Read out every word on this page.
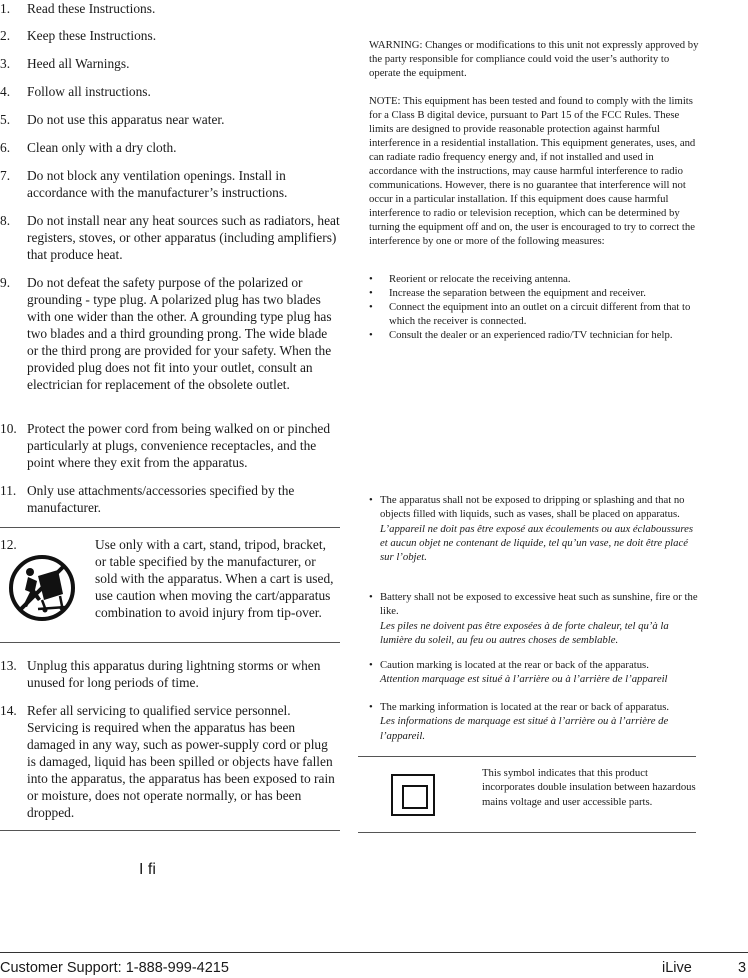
1. Read these Instructions.
2. Keep these Instructions.
3. Heed all Warnings.
4. Follow all instructions.
5. Do not use this apparatus near water.
6. Clean only with a dry cloth.
7. Do not block any ventilation openings. Install in accordance with the manufacturer’s instructions.
8. Do not install near any heat sources such as radiators, heat registers, stoves, or other apparatus (including amplifiers) that produce heat.
9. Do not defeat the safety purpose of the polarized or grounding - type plug. A polarized plug has two blades with one wider than the other. A grounding type plug has two blades and a third grounding prong. The wide blade or the third prong are provided for your safety. When the provided plug does not fit into your outlet, consult an electrician for replacement of the obsolete outlet.
10. Protect the power cord from being walked on or pinched particularly at plugs, convenience receptacles, and the point where they exit from the apparatus.
11. Only use attachments/accessories specified by the manufacturer.
12.	Use only with a cart, stand, tripod, bracket, or table specified by the manufacturer, or sold with the apparatus. When a cart is used, use caution when moving the cart/apparatus combination to avoid injury from tip-over.
13. Unplug this apparatus during lightning storms or when unused for long periods of time.
14. Refer all servicing to qualified service personnel. Servicing is required when the apparatus has been damaged in any way, such as power-supply cord or plug is damaged, liquid has been spilled or objects have fallen into the apparatus, the apparatus has been exposed to rain or moisture, does not operate normally, or has been dropped.
I fi
WARNING: Changes or modifications to this unit not expressly approved by the party responsible for compliance could void the user’s authority to operate the equipment.
NOTE: This equipment has been tested and found to comply with the limits for a Class B digital device, pursuant to Part 15 of the FCC Rules. These limits are designed to provide reasonable protection against harmful interference in a residential installation. This equipment generates, uses, and can radiate radio frequency energy and, if not installed and used in accordance with the instructions, may cause harmful interference to radio communications. However, there is no guarantee that interference will not occur in a particular installation. If this equipment does cause harmful interference to radio or television reception, which can be determined by turning the equipment off and on, the user is encouraged to try to correct the interference by one or more of the following measures:
• Reorient or relocate the receiving antenna.
• Increase the separation between the equipment and receiver.
• Connect the equipment into an outlet on a circuit different from that to which the receiver is connected.
• Consult the dealer or an experienced radio/TV technician for help.
• The apparatus shall not be exposed to dripping or splashing and that no objects filled with liquids, such as vases, shall be placed on apparatus.
L’appareil ne doit pas être exposé aux écoulements ou aux éclaboussures et aucun objet ne contenant de liquide, tel qu’un vase, ne doit être placé sur l’objet.
• Battery shall not be exposed to excessive heat such as sunshine, fire or the like.
Les piles ne doivent pas être exposées à de forte chaleur, tel qu’à la lumière du soleil, au feu ou autres choses de semblable.
• Caution marking is located at the rear or back of the apparatus.
Attention marquage est situé à l’arrière ou à l’arrière de l’appareil
• The marking information is located at the rear or back of apparatus.
Les informations de marquage est situé à l’arrière ou à l’arrière de l’appareil.
This symbol indicates that this product incorporates double insulation between hazardous mains voltage and user accessible parts.
Customer Support: 1-888-999-4215	iLive	3
